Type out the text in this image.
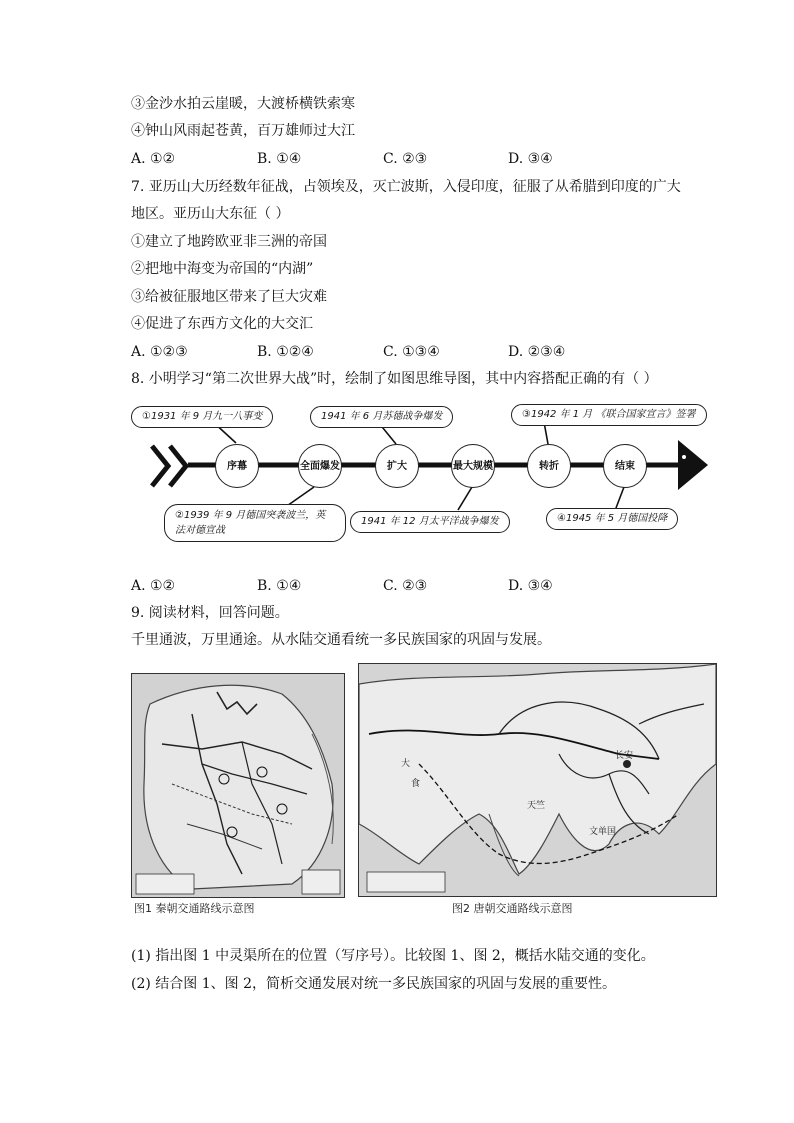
③金沙水拍云崖暖，大渡桥横铁索寒
④钟山风雨起苍黄，百万雄师过大江
A. ①②	B. ①④	C. ②③	D. ③④
7. 亚历山大历经数年征战，占领埃及，灭亡波斯，入侵印度，征服了从希腊到印度的广大
地区。亚历山大东征（ ）
①建立了地跨欧亚非三洲的帝国
②把地中海变为帝国的“内湖”
③给被征服地区带来了巨大灾难
④促进了东西方文化的大交汇
A. ①②③	B. ①②④	C. ①③④	D. ②③④
8. 小明学习“第二次世界大战”时，绘制了如图思维导图，其中内容搭配正确的有（ ）
①1931 年 9 月九一八事变	1941 年 6 月苏德战争爆发	③1942 年 1 月 《联合国家宣言》签署
序幕	全面爆发	扩大	最大规模	转折	结束
②1939 年 9 月德国突袭波兰，英法对德宣战
1941 年 12 月太平洋战争爆发	④1945 年 5 月德国投降
A. ①②	B. ①④	C. ②③	D. ③④
9. 阅读材料，回答问题。
千里通波，万里通途。从水陆交通看统一多民族国家的巩固与发展。
图1 秦朝交通路线示意图
大
食
长安
天竺
文单国
图2 唐朝交通路线示意图
(1) 指出图 1 中灵渠所在的位置（写序号）。比较图 1、图 2，概括水陆交通的变化。
(2) 结合图 1、图 2，简析交通发展对统一多民族国家的巩固与发展的重要性。
